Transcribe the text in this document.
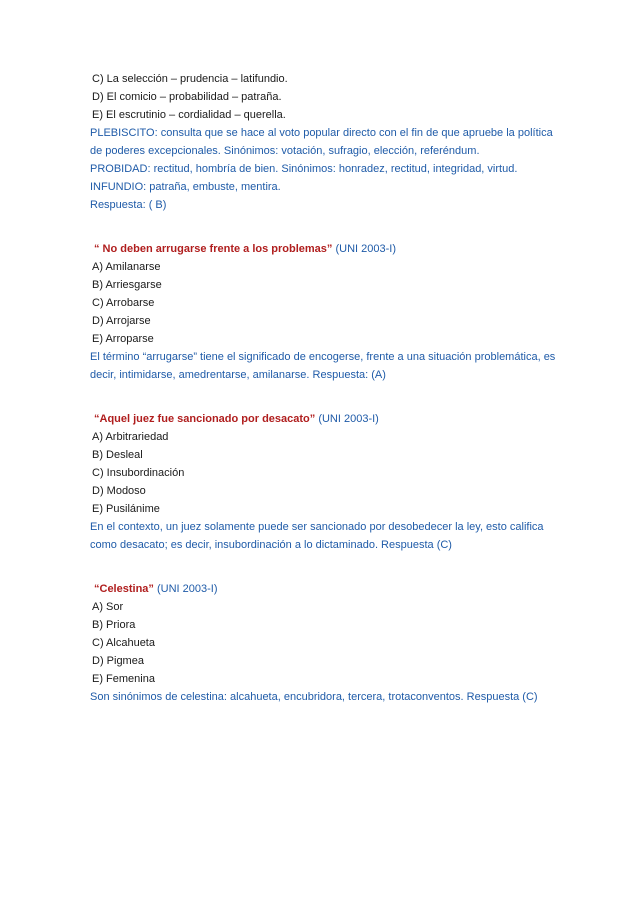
C) La selección – prudencia – latifundio.
D) El comicio – probabilidad – patraña.
E) El escrutinio – cordialidad – querella.
PLEBISCITO: consulta que se hace al voto popular directo con el fin de que apruebe la política
de poderes excepcionales. Sinónimos: votación, sufragio, elección, referéndum.
PROBIDAD: rectitud, hombría de bien. Sinónimos: honradez, rectitud, integridad, virtud.
INFUNDIO: patraña, embuste, mentira.
Respuesta: ( B)
“ No deben arrugarse frente a los problemas” (UNI 2003-I)
A) Amilanarse
B) Arriesgarse
C) Arrobarse
D) Arrojarse
E) Arroparse
El término “arrugarse” tiene el significado de encogerse, frente a una situación problemática, es
decir, intimidarse, amedrentarse, amilanarse. Respuesta: (A)
“Aquel juez fue sancionado por desacato” (UNI 2003-I)
A) Arbitrariedad
B) Desleal
C) Insubordinación
D) Modoso
E) Pusilánime
En el contexto, un juez solamente puede ser sancionado por desobedecer la ley, esto califica
como desacato; es decir, insubordinación a lo dictaminado. Respuesta (C)
“Celestina” (UNI 2003-I)
A) Sor
B) Priora
C) Alcahueta
D) Pigmea
E) Femenina
Son sinónimos de celestina: alcahueta, encubridora, tercera, trotaconventos. Respuesta (C)
